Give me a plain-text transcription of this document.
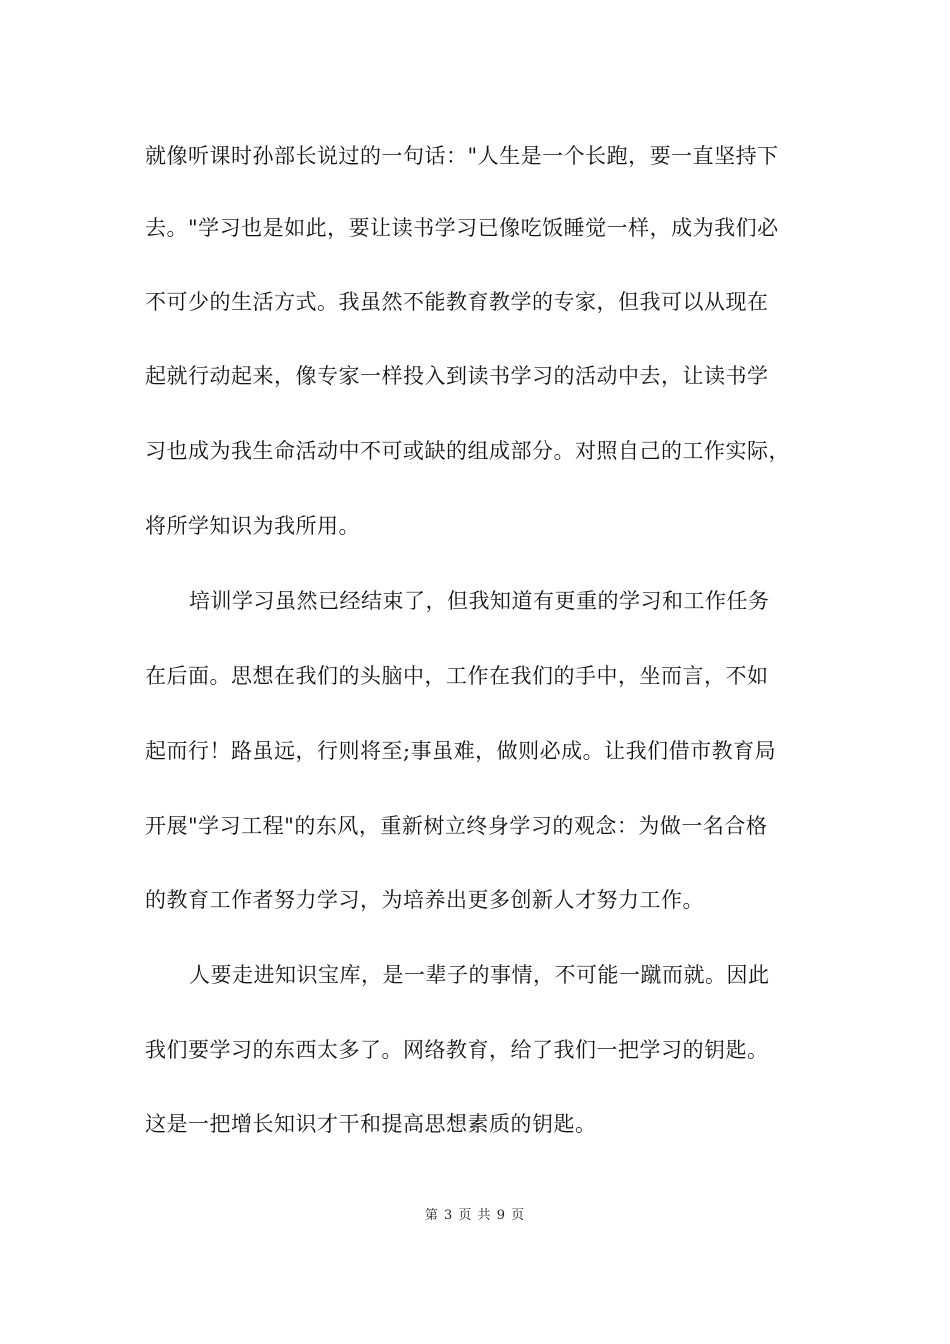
就像听课时孙部长说过的一句话："人生是一个长跑，要一直坚持下
去。"学习也是如此，要让读书学习已像吃饭睡觉一样，成为我们必
不可少的生活方式。我虽然不能教育教学的专家，但我可以从现在
起就行动起来，像专家一样投入到读书学习的活动中去，让读书学
习也成为我生命活动中不可或缺的组成部分。对照自己的工作实际，
将所学知识为我所用。
培训学习虽然已经结束了，但我知道有更重的学习和工作任务
在后面。思想在我们的头脑中，工作在我们的手中，坐而言，不如
起而行！路虽远，行则将至;事虽难，做则必成。让我们借市教育局
开展"学习工程"的东风，重新树立终身学习的观念：为做一名合格
的教育工作者努力学习，为培养出更多创新人才努力工作。
人要走进知识宝库，是一辈子的事情，不可能一蹴而就。因此
我们要学习的东西太多了。网络教育，给了我们一把学习的钥匙。
这是一把增长知识才干和提高思想素质的钥匙。
第 3 页 共 9 页
